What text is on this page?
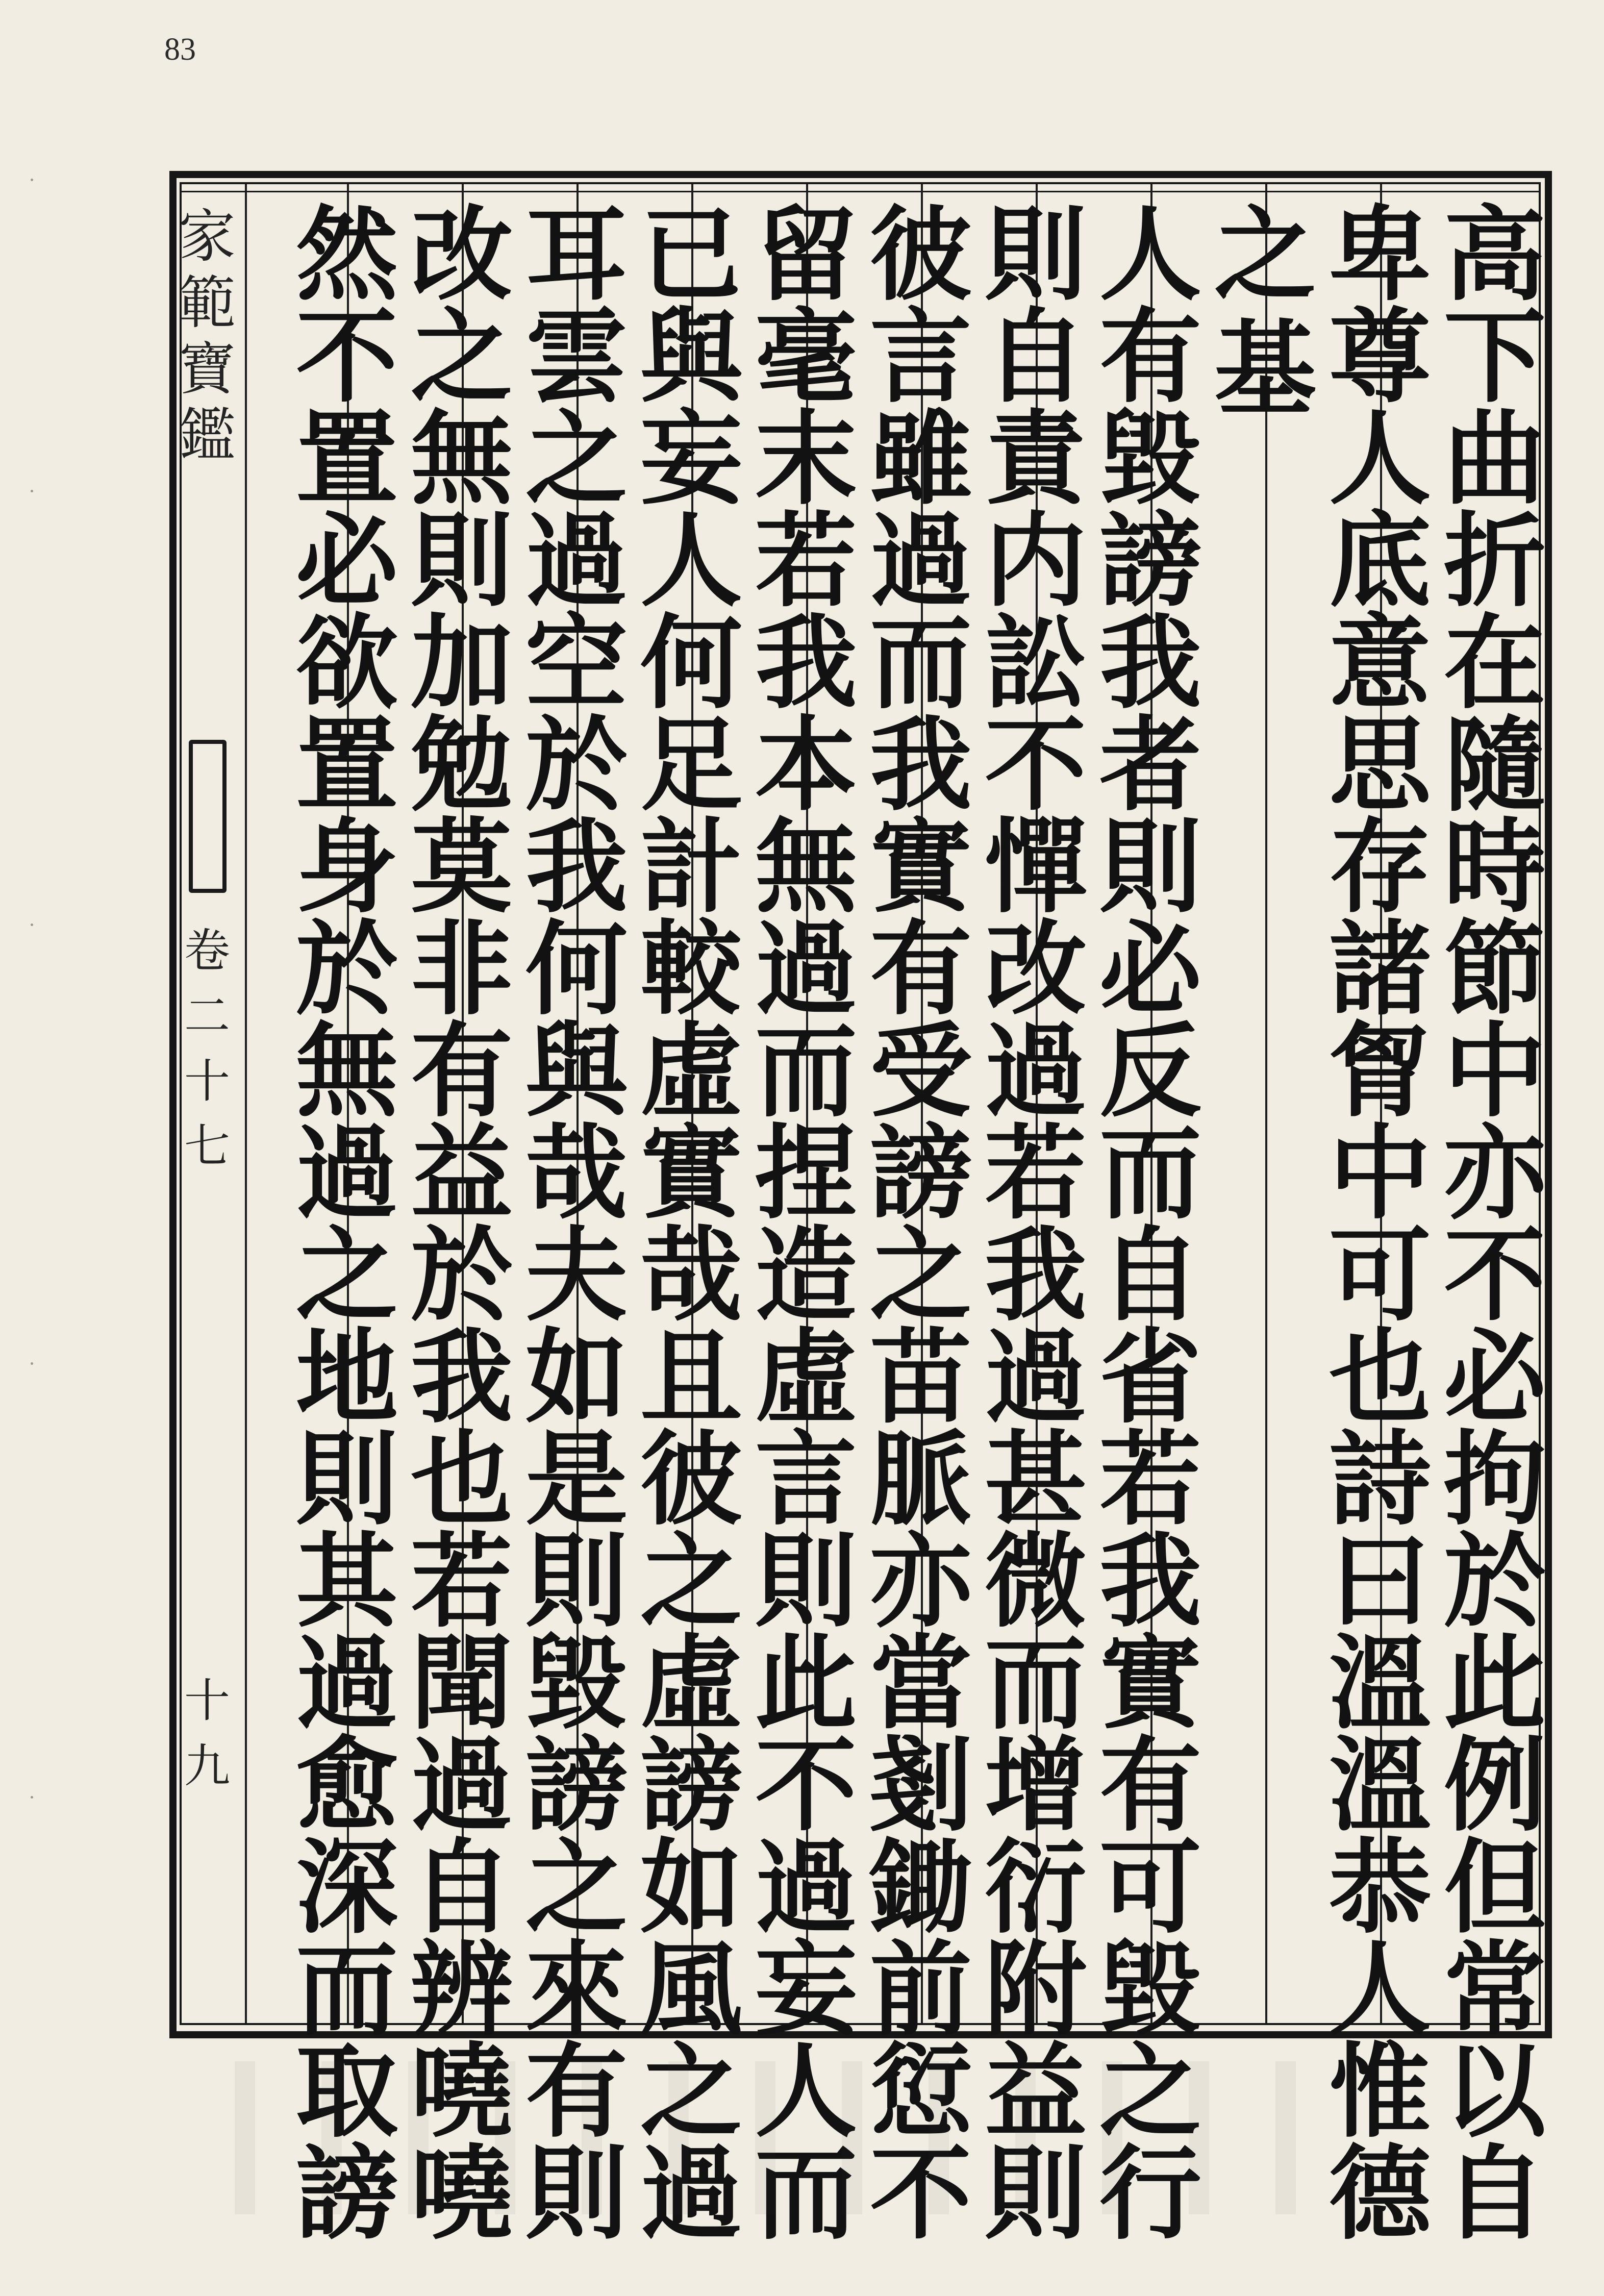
83
家
範
寶
鑑
卷
二
十
七
十
九
高
下
曲
折
在
隨
時
節
中
亦
不
必
拘
於
此
例
但
常
以
自
卑
尊
人
底
意
思
存
諸
胷
中
可
也
詩
曰
溫
溫
恭
人
惟
德
之
基
人
有
毀
謗
我
者
則
必
反
而
自
省
若
我
實
有
可
毀
之
行
則
自
責
内
訟
不
憚
改
過
若
我
過
甚
微
而
增
衍
附
益
則
彼
言
雖
過
而
我
實
有
受
謗
之
苗
脈
亦
當
剗
鋤
前
愆
不
留
毫
末
若
我
本
無
過
而
捏
造
虛
言
則
此
不
過
妄
人
而
已
與
妄
人
何
足
計
較
虛
實
哉
且
彼
之
虛
謗
如
風
之
過
耳
雲
之
過
空
於
我
何
與
哉
夫
如
是
則
毀
謗
之
來
有
則
改
之
無
則
加
勉
莫
非
有
益
於
我
也
若
聞
過
自
辨
嘵
嘵
然
不
置
必
欲
置
身
於
無
過
之
地
則
其
過
愈
深
而
取
謗
